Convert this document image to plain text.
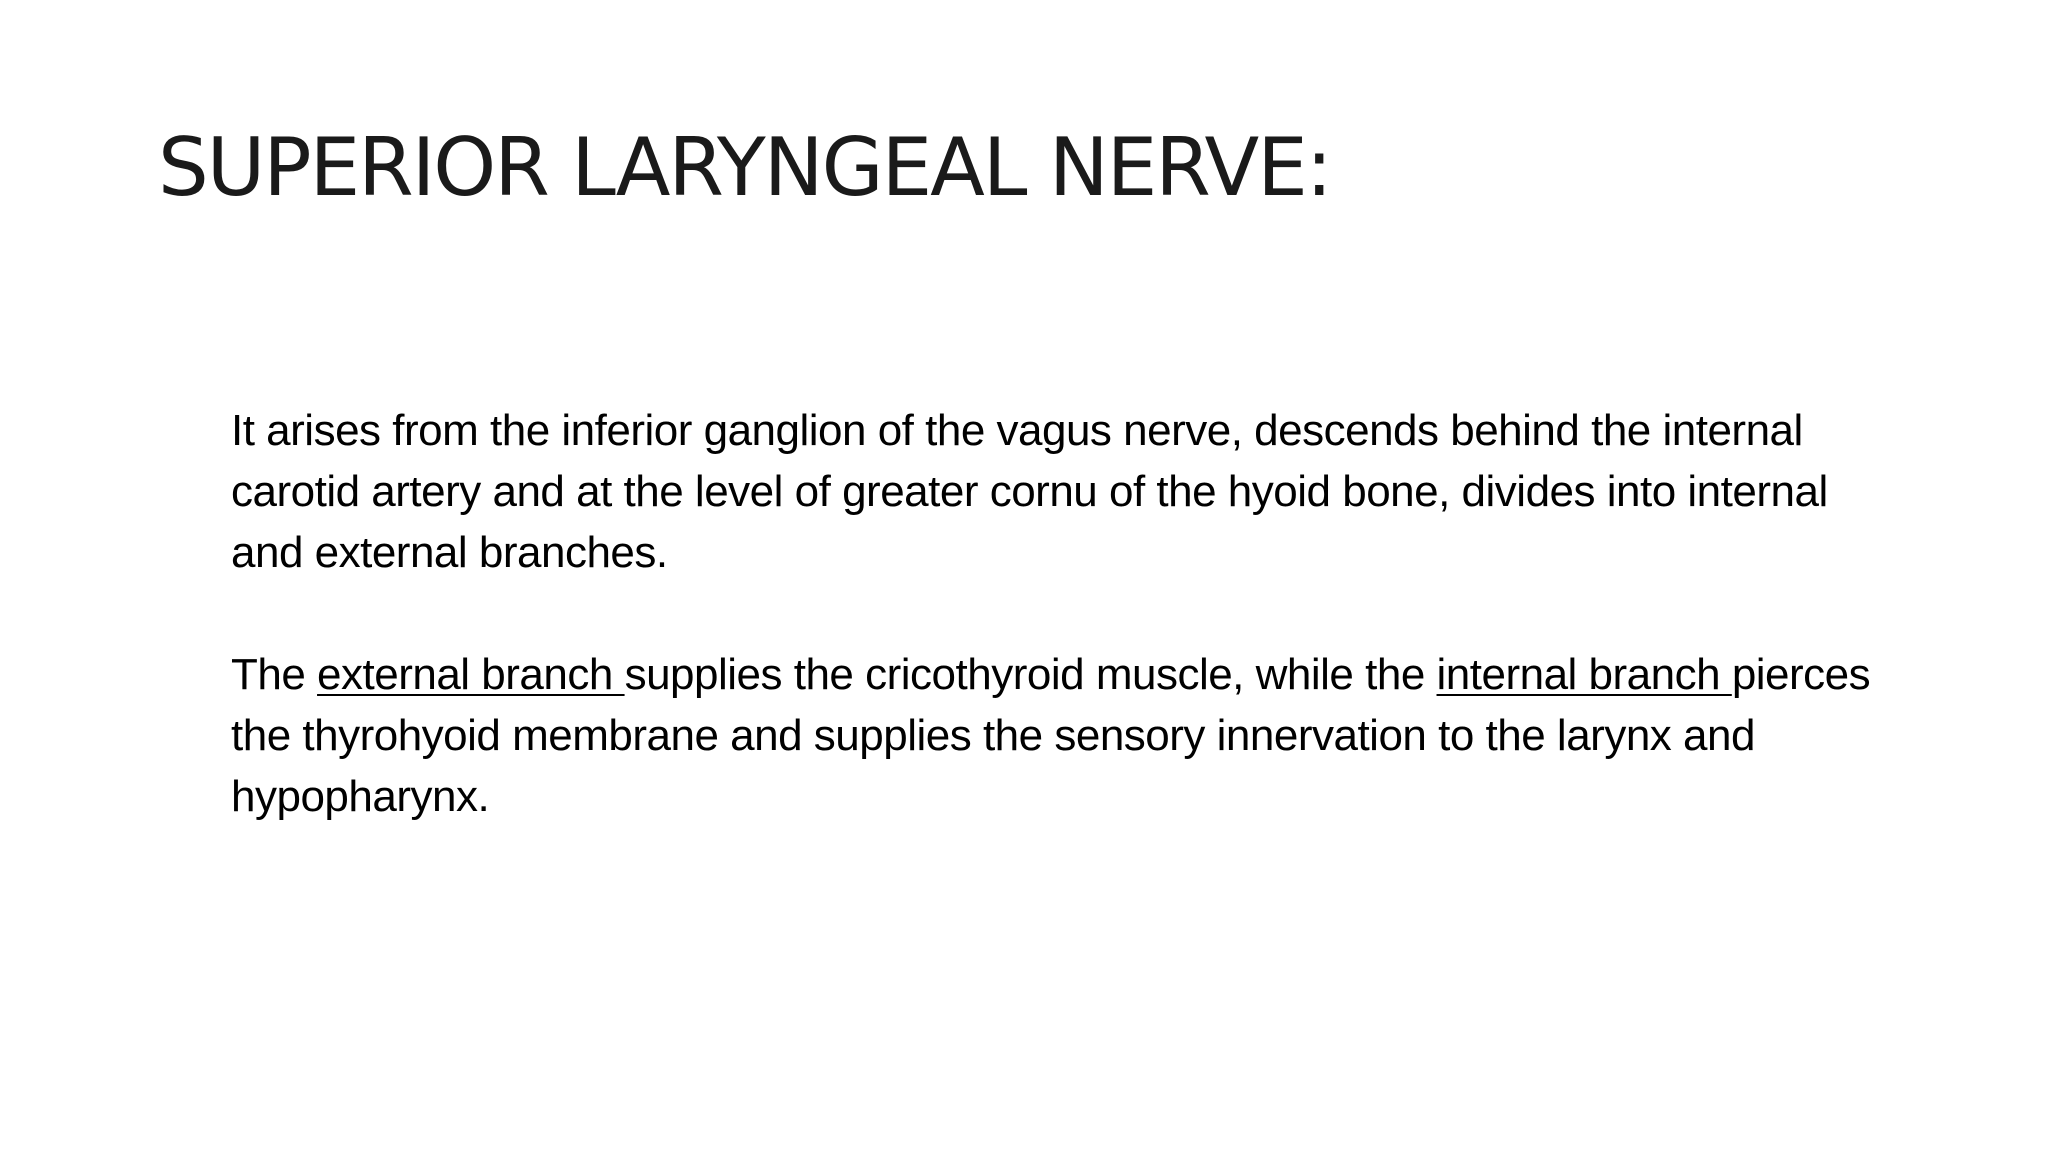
SUPERIOR LARYNGEAL NERVE:

It arises from the inferior ganglion of the vagus nerve, descends behind the internal carotid artery and at the level of greater cornu of the hyoid bone, divides into internal and external branches.

The external branch supplies the cricothyroid muscle, while the internal branch pierces the thyrohyoid membrane and supplies the sensory innervation to the larynx and hypopharynx.
